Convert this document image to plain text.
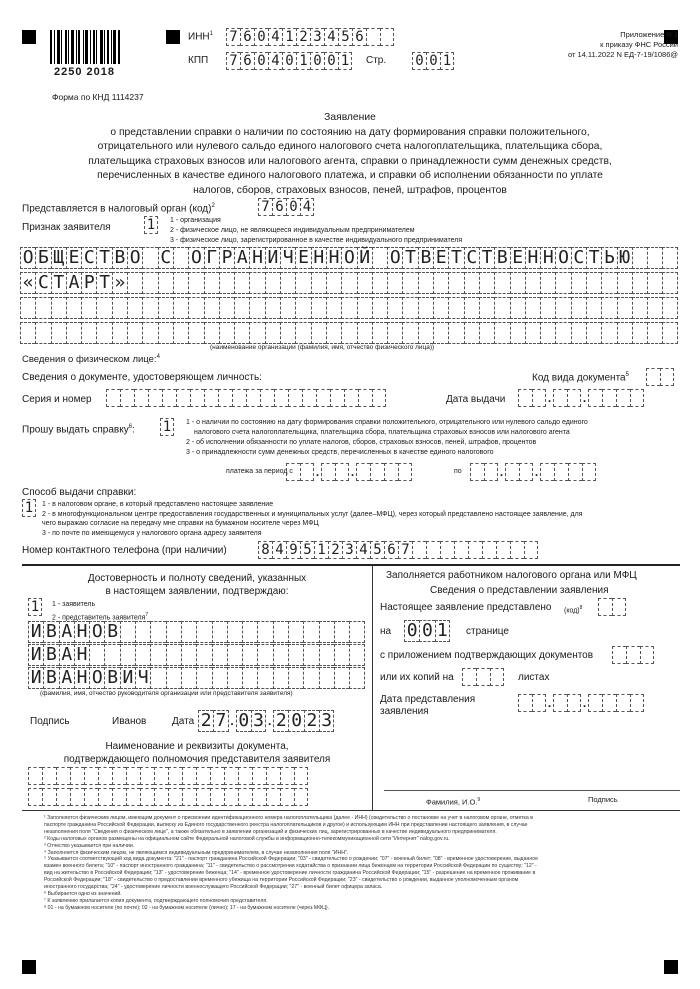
2250 2018
Форма по КНД 1114237
ИНН$^1$ 7 6 0 4 1 2 3 4 5 6
КПП 7 6 0 4 0 1 0 0 1 Стр. 0 0 1
Приложение N 1
к приказу ФНС России
от 14.11.2022 N ЕД-7-19/1086@
Заявление
о представлении справки о наличии по состоянию на дату формирования справки положительного,
отрицательного или нулевого сальдо единого налогового счета налогоплательщика, плательщика сбора,
плательщика страховых взносов или налогового агента, справки о принадлежности сумм денежных средств,
перечисленных в качестве единого налогового платежа, и справки об исполнении обязанности по уплате
налогов, сборов, страховых взносов, пеней, штрафов, процентов
Представляется в налоговый орган (код)$^2$	7 6 0 4
Признак заявителя	1	1 - организация
2 - физическое лицо, не являющееся индивидуальным предпринимателем
3 - физическое лицо, зарегистрированное в качестве индивидуального предпринимателя
О Б Щ Е С Т В О С О Г Р А Н И Ч Е Н Н О Й О Т В Е Т С Т В Е Н Н О С Т Ь Ю
« С Т А Р Т »
(наименование организации (фамилия, имя, отчество физического лица))
Сведения о физическом лице:$^4$
Сведения о документе, удостоверяющем личность:	Код вида документа$^5$
Серия и номер	Дата выдачи	.	.
Прошу выдать справку$^6$: 1	1 - о наличии по состоянию на дату формирования справки положительного, отрицательного или нулевого сальдо единого
налогового счета налогоплательщика, плательщика сбора, плательщика страховых взносов или налогового агента
2 - об исполнении обязанности по уплате налогов, сборов, страховых взносов, пеней, штрафов, процентов
3 - о принадлежности сумм денежных средств, перечисленных в качестве единого налогового
платежа за период с .	.	по	.	.
Способ выдачи справки:
1	1 - в налоговом органе, в который представлено настоящее заявление
2 - в многофункциональном центре предоставления государственных и муниципальных услуг (далее–МФЦ), через который представлено настоящее заявление, для
чего выражаю согласие на передачу мне справки на бумажном носителе через МФЦ
3 - по почте по имеющемуся у налогового органа адресу заявителя
Номер контактного телефона (при наличии) 8 4 9 5 1 2 3 4 5 6 7
Достоверность и полноту сведений, указанных
в настоящем заявлении, подтверждаю:
1	1 - заявитель
2 - представитель заявителя$^7$
И В А Н О В
И В А Н
И В А Н О В И Ч
(фамилия, имя, отчество руководителя организации или представителя заявителя)
Подпись	Иванов	Дата 2 7 . 0 3 . 2 0 2 3
Наименование и реквизиты документа,
подтверждающего полномочия представителя заявителя
Заполняется работником налогового органа или МФЦ
Сведения о представлении заявления
Настоящее заявление представлено (код)$^8$
на 0 0 1 странице
с приложением подтверждающих документов
или их копий на	листах
Дата представления
заявления
.	.
Фамилия, И.О.$^9$	Подпись
¹ Заполняется физическим лицом, имеющим документ о присвоении идентификационного номера налогоплательщика (далее - ИНН) (свидетельство о постановке на учет в налоговом органе, отметка в
паспорте гражданина Российской Федерации, выписку из Единого государственного реестра налогоплательщиков и другое) и использующим ИНН при представлении настоящего заявления, в случае
незаполнения поля "Сведения о физическом лице", а также обязательно в заявлении организаций и физических лиц, зарегистрированных в качестве индивидуального предпринимателя.
² Коды налоговых органов размещены на официальном сайте Федеральной налоговой службы в информационно-телекоммуникационной сети "Интернет" nalog.gov.ru.
³ Отчество указывается при наличии.
⁴ Заполняется физическим лицом, не являющимся индивидуальным предпринимателем, в случае незаполнения поля "ИНН".
⁵ Указывается соответствующий код вида документа: "21" - паспорт гражданина Российской Федерации; "03" - свидетельство о рождении; "07" - военный билет; "08" - временное удостоверение, выданное
взамен военного билета; "10" - паспорт иностранного гражданина; "11" - свидетельство о рассмотрении ходатайства о признании лица беженцем на территории Российской Федерации по существу; "12" -
вид на жительство в Российской Федерации; "13" - удостоверение беженца; "14" - временное удостоверение личности гражданина Российской Федерации; "15" - разрешение на временное проживание в
Российской Федерации; "18" - свидетельство о предоставлении временного убежища на территории Российской Федерации; "23" - свидетельство о рождении, выданное уполномоченным органом
иностранного государства; "24" - удостоверение личности военнослужащего Российской Федерации; "27" - военный билет офицера запаса.
⁶ Выбирается одно из значений.
⁷ К заявлению прилагается копия документа, подтверждающего полномочия представителя.
⁸ 01 - на бумажном носителе (по почте); 02 - на бумажном носителе (лично); 17 - на бумажном носителе (через МФЦ).
